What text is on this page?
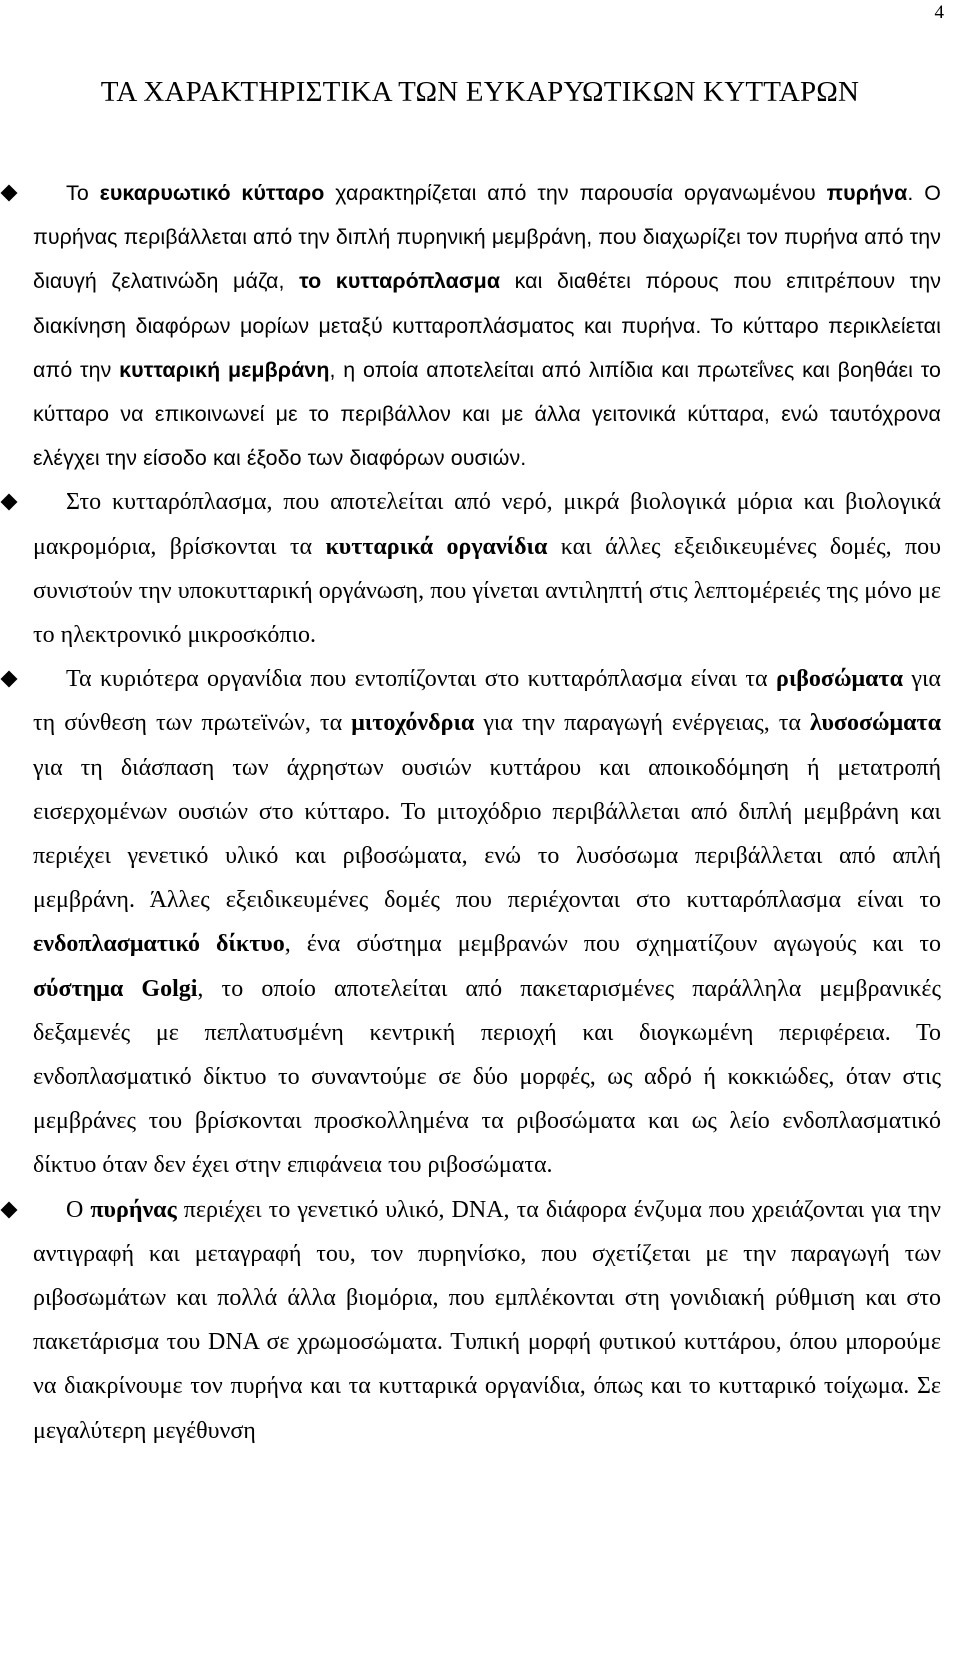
4
ΤΑ ΧΑΡΑΚΤΗΡΙΣΤΙΚΑ ΤΩΝ ΕΥΚΑΡΥΩΤΙΚΩΝ ΚΥΤΤΑΡΩΝ

Το ευκαρυωτικό κύτταρο χαρακτηρίζεται από την παρουσία οργανωμένου πυρήνα. Ο πυρήνας περιβάλλεται από την διπλή πυρηνική μεμβράνη, που διαχωρίζει τον πυρήνα από την διαυγή ζελατινώδη μάζα, το κυτταρόπλασμα και διαθέτει πόρους που επιτρέπουν την διακίνηση διαφόρων μορίων μεταξύ κυτταροπλάσματος και πυρήνα. Το κύτταρο περικλείεται από την κυτταρική μεμβράνη, η οποία αποτελείται από λιπίδια και πρωτεΐνες και βοηθάει το κύτταρο να επικοινωνεί με το περιβάλλον και με άλλα γειτονικά κύτταρα, ενώ ταυτόχρονα ελέγχει την είσοδο και έξοδο των διαφόρων ουσιών.

Στο κυτταρόπλασμα, που αποτελείται από νερό, μικρά βιολογικά μόρια και βιολογικά μακρομόρια, βρίσκονται τα κυτταρικά οργανίδια και άλλες εξειδικευμένες δομές, που συνιστούν την υποκυτταρική οργάνωση, που γίνεται αντιληπτή στις λεπτομέρειές της μόνο με το ηλεκτρονικό μικροσκόπιο.

Τα κυριότερα οργανίδια που εντοπίζονται στο κυτταρόπλασμα είναι τα ριβοσώματα για τη σύνθεση των πρωτεϊνών, τα μιτοχόνδρια για την παραγωγή ενέργειας, τα λυσοσώματα για τη διάσπαση των άχρηστων ουσιών κυττάρου και αποικοδόμηση ή μετατροπή εισερχομένων ουσιών στο κύτταρο. Το μιτοχόδριο περιβάλλεται από διπλή μεμβράνη και περιέχει γενετικό υλικό και ριβοσώματα, ενώ το λυσόσωμα περιβάλλεται από απλή μεμβράνη. Άλλες εξειδικευμένες δομές που περιέχονται στο κυτταρόπλασμα είναι το ενδοπλασματικό δίκτυο, ένα σύστημα μεμβρανών που σχηματίζουν αγωγούς και το σύστημα Golgi, το οποίο αποτελείται από πακεταρισμένες παράλληλα μεμβρανικές δεξαμενές με πεπλατυσμένη κεντρική περιοχή και διογκωμένη περιφέρεια. Το ενδοπλασματικό δίκτυο το συναντούμε σε δύο μορφές, ως αδρό ή κοκκιώδες, όταν στις μεμβράνες του βρίσκονται προσκολλημένα τα ριβοσώματα και ως λείο ενδοπλασματικό δίκτυο όταν δεν έχει στην επιφάνεια του ριβοσώματα.

Ο πυρήνας περιέχει το γενετικό υλικό, DNA, τα διάφορα ένζυμα που χρειάζονται για την αντιγραφή και μεταγραφή του, τον πυρηνίσκο, που σχετίζεται με την παραγωγή των ριβοσωμάτων και πολλά άλλα βιομόρια, που εμπλέκονται στη γονιδιακή ρύθμιση και στο πακετάρισμα του DNA σε χρωμοσώματα. Τυπική μορφή φυτικού κυττάρου, όπου μπορούμε να διακρίνουμε τον πυρήνα και τα κυτταρικά οργανίδια, όπως και το κυτταρικό τοίχωμα. Σε μεγαλύτερη μεγέθυνση
